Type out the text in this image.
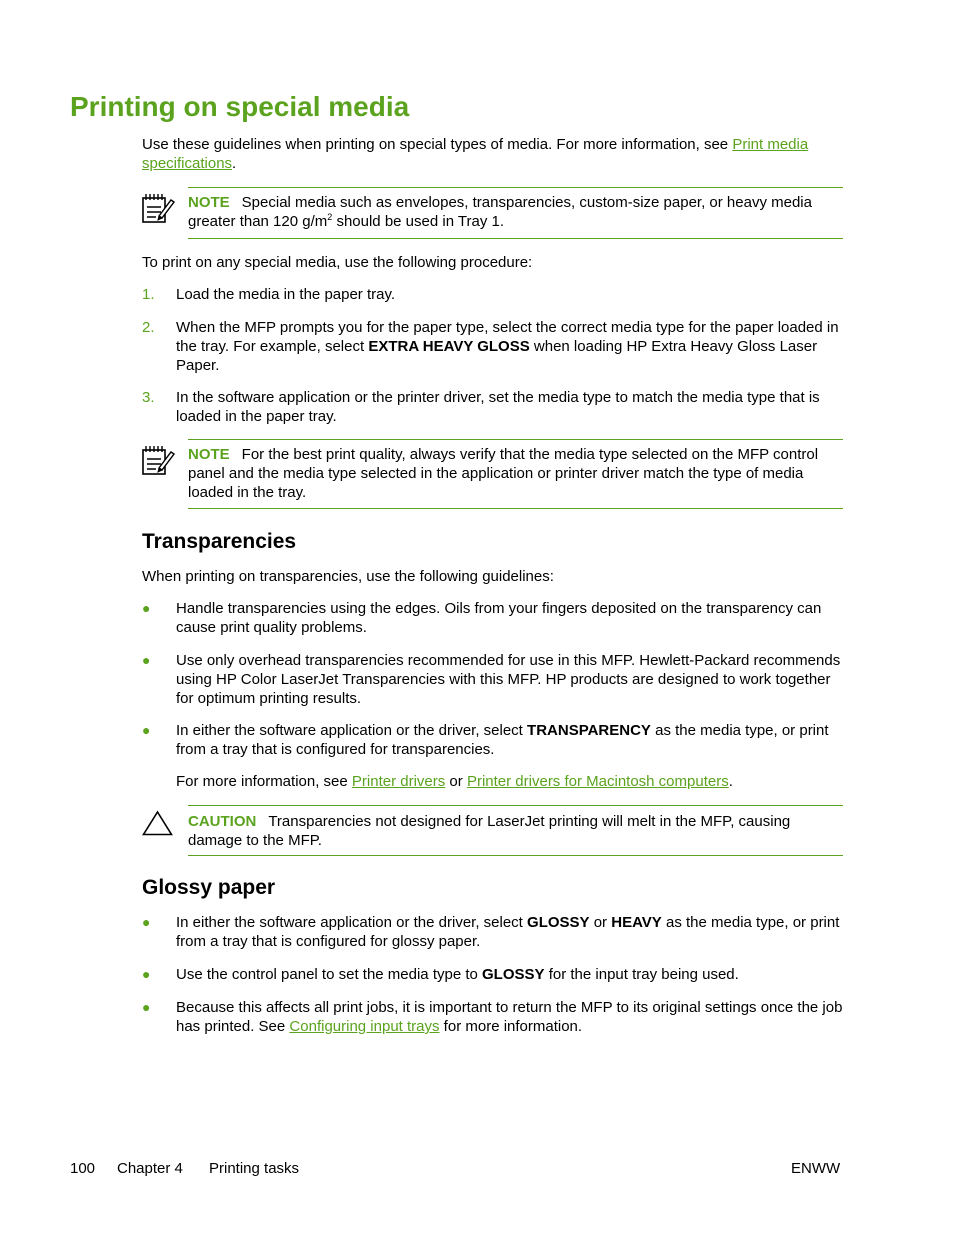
Printing on special media

Use these guidelines when printing on special types of media. For more information, see Print media specifications.

NOTE Special media such as envelopes, transparencies, custom-size paper, or heavy media greater than 120 $g/m^2$ should be used in Tray 1.

To print on any special media, use the following procedure:

1.	Load the media in the paper tray.

2.	When the MFP prompts you for the paper type, select the correct media type for the paper loaded in the tray. For example, select EXTRA HEAVY GLOSS when loading HP Extra Heavy Gloss Laser Paper.

3.	In the software application or the printer driver, set the media type to match the media type that is loaded in the paper tray.

NOTE For the best print quality, always verify that the media type selected on the MFP control panel and the media type selected in the application or printer driver match the type of media loaded in the tray.

Transparencies

When printing on transparencies, use the following guidelines:

●	Handle transparencies using the edges. Oils from your fingers deposited on the transparency can cause print quality problems.

●	Use only overhead transparencies recommended for use in this MFP. Hewlett-Packard recommends using HP Color LaserJet Transparencies with this MFP. HP products are designed to work together for optimum printing results.

●	In either the software application or the driver, select TRANSPARENCY as the media type, or print from a tray that is configured for transparencies.

For more information, see Printer drivers or Printer drivers for Macintosh computers.

CAUTION Transparencies not designed for LaserJet printing will melt in the MFP, causing damage to the MFP.

Glossy paper
●	In either the software application or the driver, select GLOSSY or HEAVY as the media type, or print from a tray that is configured for glossy paper.

●	Use the control panel to set the media type to GLOSSY for the input tray being used.

●	Because this affects all print jobs, it is important to return the MFP to its original settings once the job has printed. See Configuring input trays for more information.

100 Chapter 4 Printing tasks	ENWW
